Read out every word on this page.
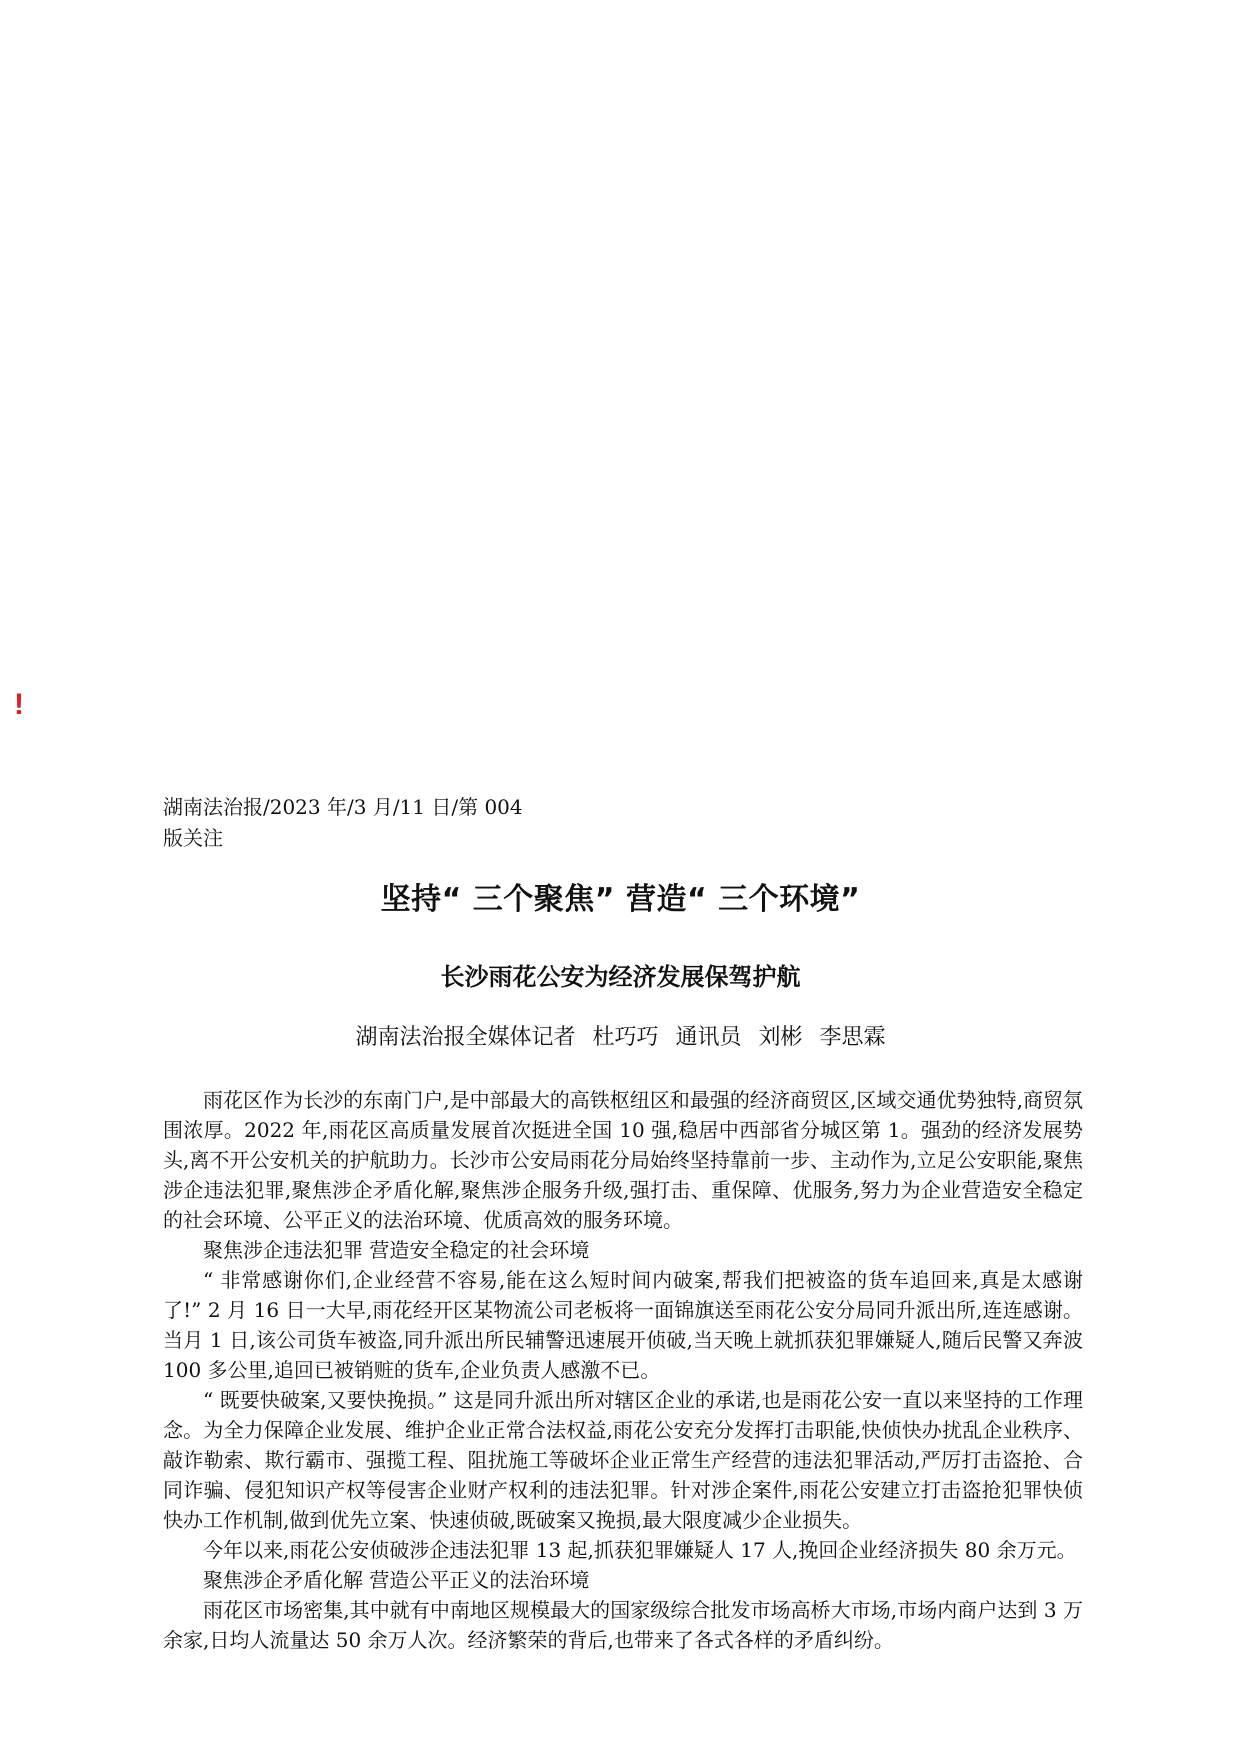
!
湖南法治报/2023 年/3 月/11 日/第 004
版关注
坚持“ 三个聚焦” 营造“ 三个环境”
长沙雨花公安为经济发展保驾护航
湖南法治报全媒体记者 杜巧巧 通讯员 刘彬 李思霖

雨花区作为长沙的东南门户,是中部最大的高铁枢纽区和最强的经济商贸区,区域交通优势独特,商贸氛围浓厚。2022 年,雨花区高质量发展首次挺进全国 10 强,稳居中西部省分城区第 1。强劲的经济发展势头,离不开公安机关的护航助力。长沙市公安局雨花分局始终坚持靠前一步、主动作为,立足公安职能,聚焦涉企违法犯罪,聚焦涉企矛盾化解,聚焦涉企服务升级,强打击、重保障、优服务,努力为企业营造安全稳定的社会环境、公平正义的法治环境、优质高效的服务环境。

聚焦涉企违法犯罪 营造安全稳定的社会环境

“ 非常感谢你们,企业经营不容易,能在这么短时间内破案,帮我们把被盗的货车追回来,真是太感谢了!” 2 月 16 日一大早,雨花经开区某物流公司老板将一面锦旗送至雨花公安分局同升派出所,连连感谢。当月 1 日,该公司货车被盗,同升派出所民辅警迅速展开侦破,当天晚上就抓获犯罪嫌疑人,随后民警又奔波 100 多公里,追回已被销赃的货车,企业负责人感激不已。

“ 既要快破案,又要快挽损。” 这是同升派出所对辖区企业的承诺,也是雨花公安一直以来坚持的工作理念。为全力保障企业发展、维护企业正常合法权益,雨花公安充分发挥打击职能,快侦快办扰乱企业秩序、敲诈勒索、欺行霸市、强揽工程、阻扰施工等破坏企业正常生产经营的违法犯罪活动,严厉打击盗抢、合同诈骗、侵犯知识产权等侵害企业财产权利的违法犯罪。针对涉企案件,雨花公安建立打击盗抢犯罪快侦快办工作机制,做到优先立案、快速侦破,既破案又挽损,最大限度减少企业损失。

今年以来,雨花公安侦破涉企违法犯罪 13 起,抓获犯罪嫌疑人 17 人,挽回企业经济损失 80 余万元。

聚焦涉企矛盾化解 营造公平正义的法治环境

雨花区市场密集,其中就有中南地区规模最大的国家级综合批发市场高桥大市场,市场内商户达到 3 万余家,日均人流量达 50 余万人次。经济繁荣的背后,也带来了各式各样的矛盾纠纷。
